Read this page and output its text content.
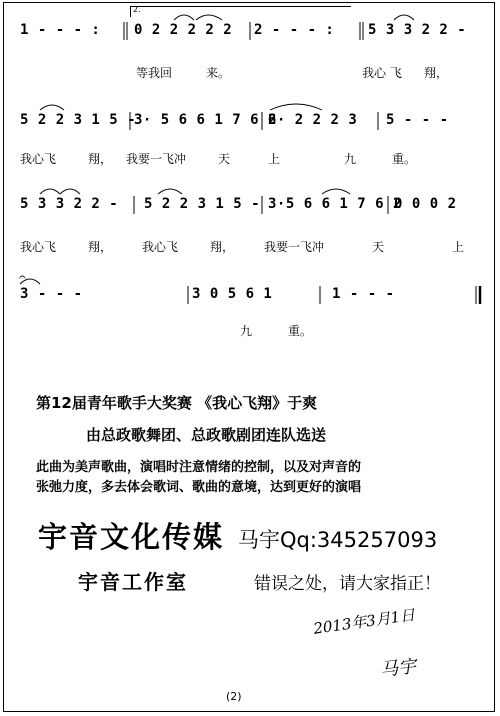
2.
1 - - - : 0 2 2 2 2 2 2 - - - : 5 3 3 2 2 -
等我回	来。	我心 飞 翔，
5 2 2 3 1 5 -
3· 5 6 6 1 7 6 6
2· 2 2 2 3 5 - - -
我心飞	翔， 我要一飞冲	天	上	九	重。
5 3 3 2 2 - 5 2 2 3 1 5 - 3·5 6 6 1 7 6 2
0 0 0 2
我心飞	翔， 我心飞	翔， 我要一飞冲	天	上
𝄐
3 - - -	3 0 5 6 1	1 - - -
九	重。
第12届青年歌手大奖赛 《我心飞翔》于爽
由总政歌舞团、总政歌剧团连队选送
此曲为美声歌曲，演唱时注意情绪的控制，以及对声音的
张弛力度，多去体会歌词、歌曲的意境，达到更好的演唱
宇音文化传媒 马宇Qq:345257093
宇音工作室	错误之处，请大家指正！
2013年3月1日
马宇
(2)
